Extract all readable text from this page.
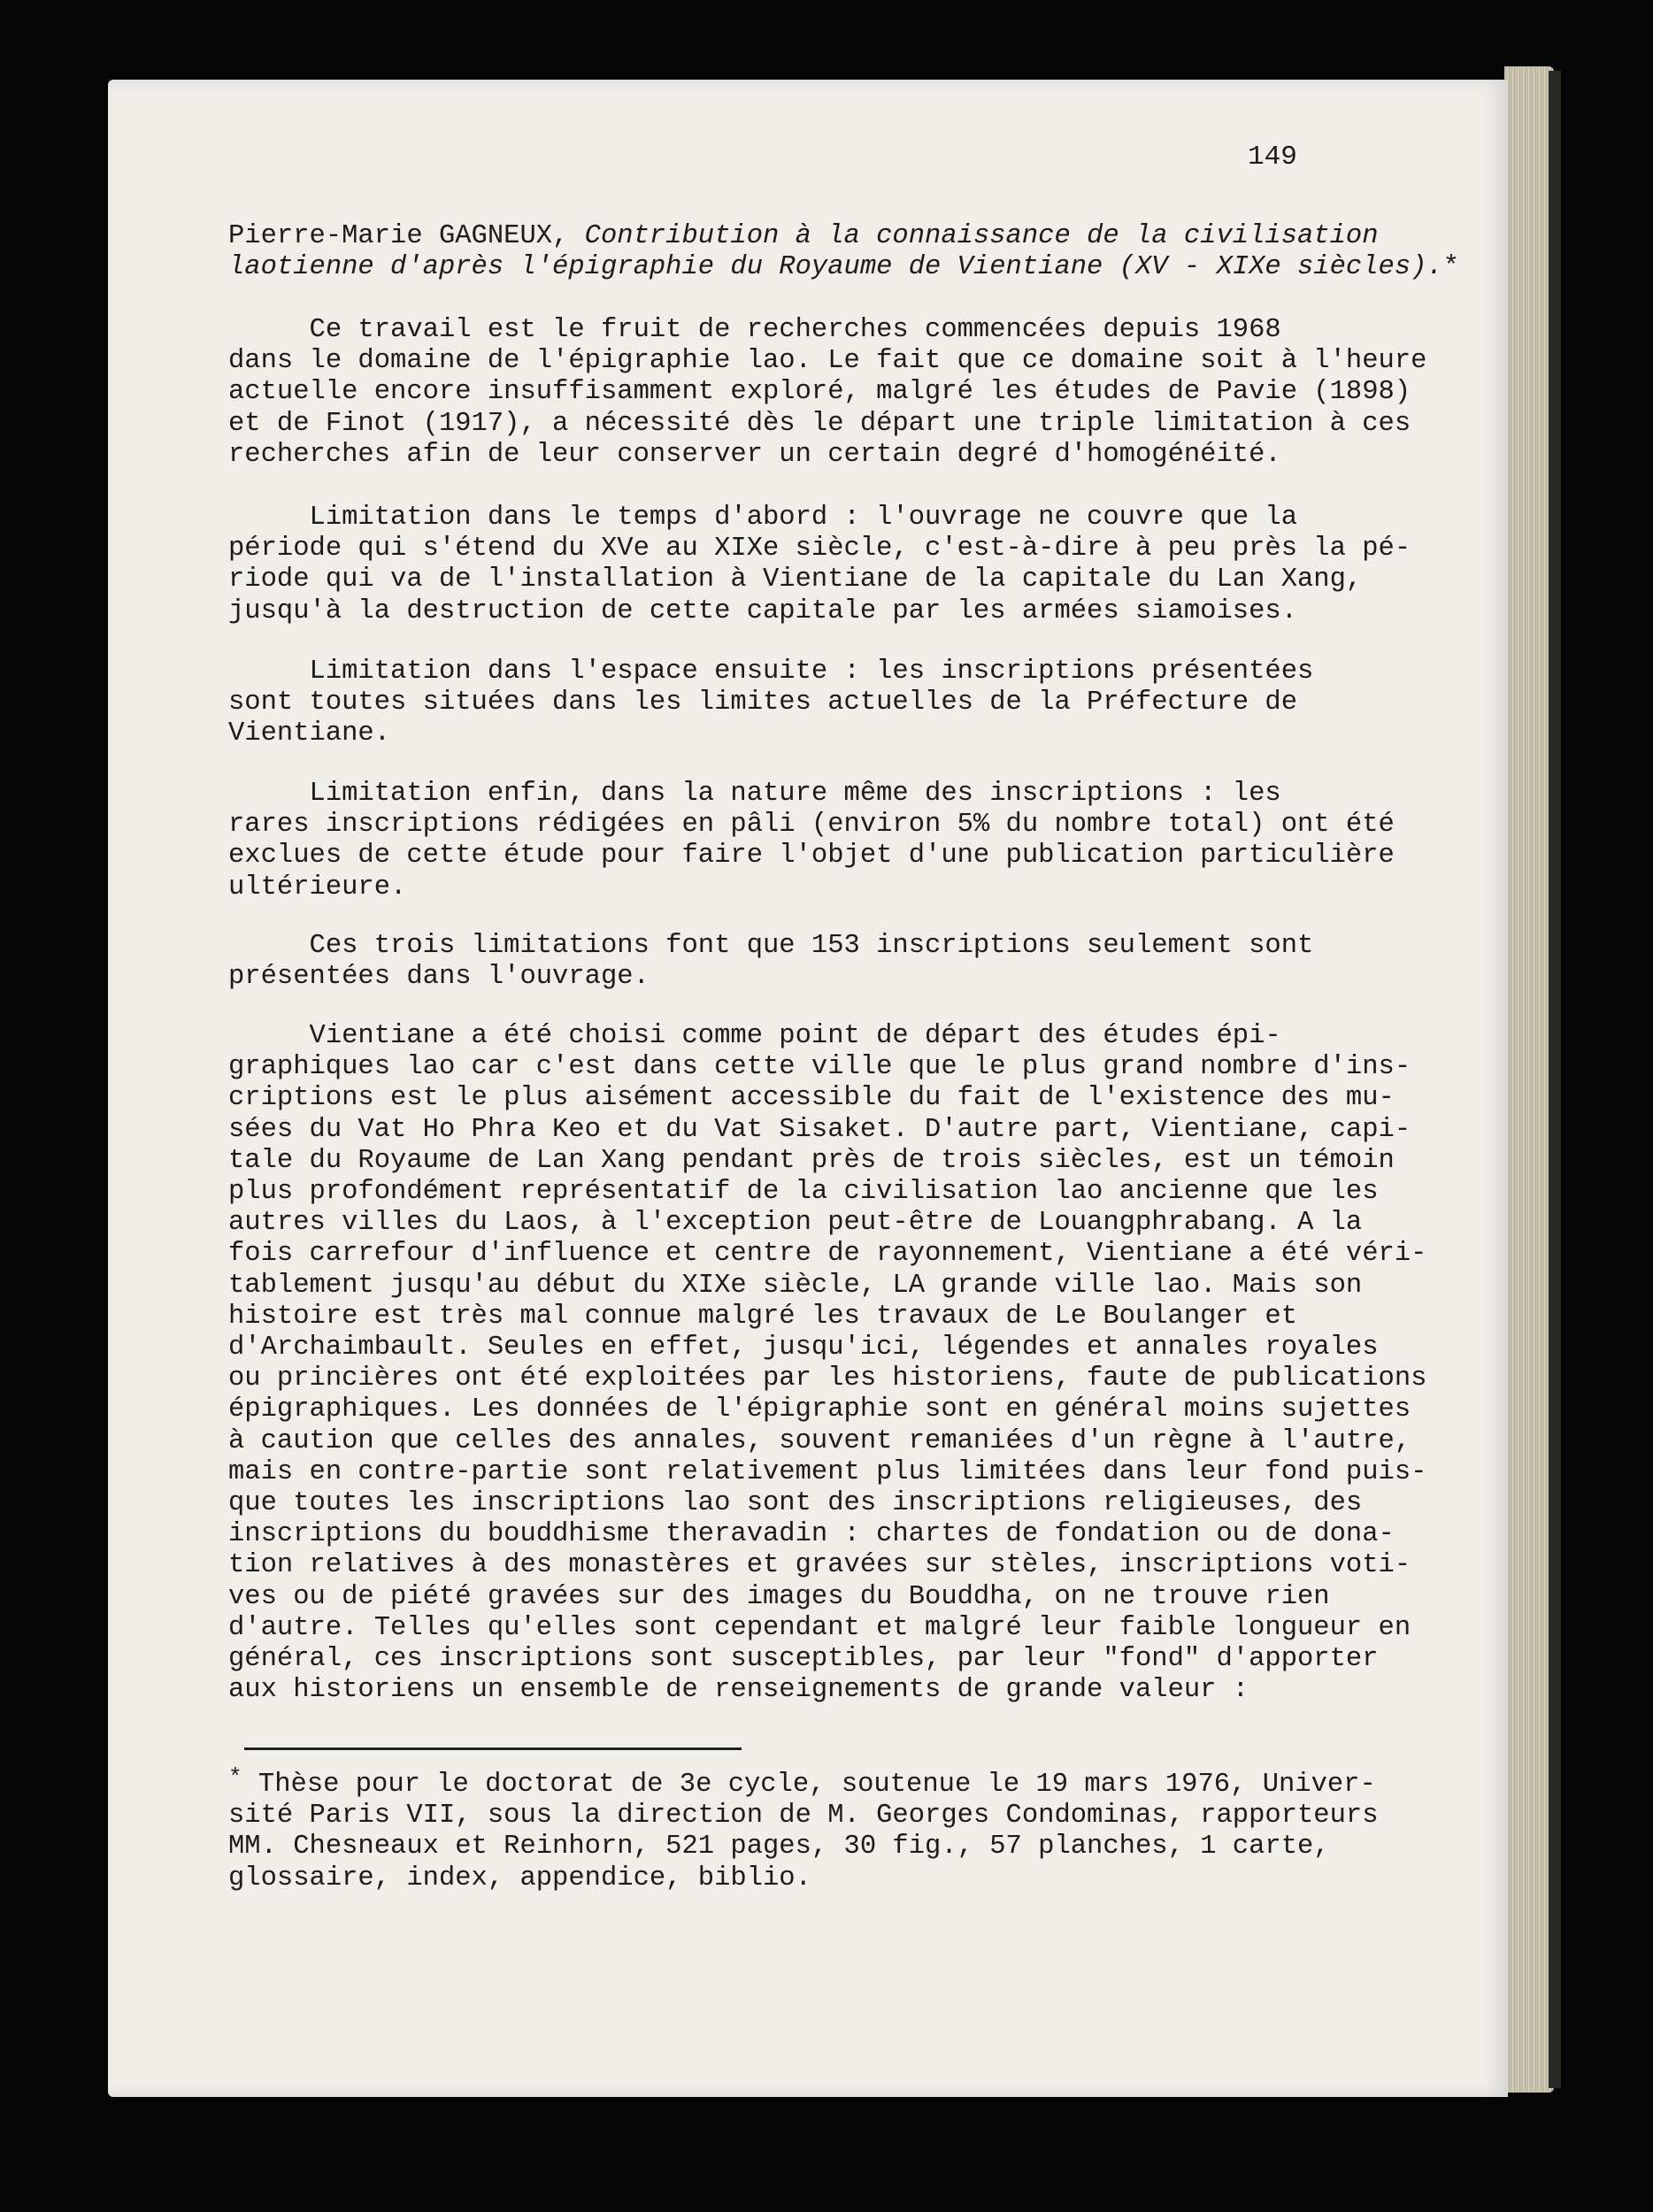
149
Pierre-Marie GAGNEUX, Contribution à la connaissance de la civilisation
laotienne d'après l'épigraphie du Royaume de Vientiane (XV - XIXe siècles).*
Ce travail est le fruit de recherches commencées depuis 1968
dans le domaine de l'épigraphie lao. Le fait que ce domaine soit à l'heure
actuelle encore insuffisamment exploré, malgré les études de Pavie (1898)
et de Finot (1917), a nécessité dès le départ une triple limitation à ces
recherches afin de leur conserver un certain degré d'homogénéité.
Limitation dans le temps d'abord : l'ouvrage ne couvre que la
période qui s'étend du XVe au XIXe siècle, c'est-à-dire à peu près la pé-
riode qui va de l'installation à Vientiane de la capitale du Lan Xang,
jusqu'à la destruction de cette capitale par les armées siamoises.
Limitation dans l'espace ensuite : les inscriptions présentées
sont toutes situées dans les limites actuelles de la Préfecture de
Vientiane.
Limitation enfin, dans la nature même des inscriptions : les
rares inscriptions rédigées en pâli (environ 5% du nombre total) ont été
exclues de cette étude pour faire l'objet d'une publication particulière
ultérieure.
Ces trois limitations font que 153 inscriptions seulement sont
présentées dans l'ouvrage.
Vientiane a été choisi comme point de départ des études épi-
graphiques lao car c'est dans cette ville que le plus grand nombre d'ins-
criptions est le plus aisément accessible du fait de l'existence des mu-
sées du Vat Ho Phra Keo et du Vat Sisaket. D'autre part, Vientiane, capi-
tale du Royaume de Lan Xang pendant près de trois siècles, est un témoin
plus profondément représentatif de la civilisation lao ancienne que les
autres villes du Laos, à l'exception peut-être de Louangphrabang. A la
fois carrefour d'influence et centre de rayonnement, Vientiane a été véri-
tablement jusqu'au début du XIXe siècle, LA grande ville lao. Mais son
histoire est très mal connue malgré les travaux de Le Boulanger et
d'Archaimbault. Seules en effet, jusqu'ici, légendes et annales royales
ou princières ont été exploitées par les historiens, faute de publications
épigraphiques. Les données de l'épigraphie sont en général moins sujettes
à caution que celles des annales, souvent remaniées d'un règne à l'autre,
mais en contre-partie sont relativement plus limitées dans leur fond puis-
que toutes les inscriptions lao sont des inscriptions religieuses, des
inscriptions du bouddhisme theravadin : chartes de fondation ou de dona-
tion relatives à des monastères et gravées sur stèles, inscriptions voti-
ves ou de piété gravées sur des images du Bouddha, on ne trouve rien
d'autre. Telles qu'elles sont cependant et malgré leur faible longueur en
général, ces inscriptions sont susceptibles, par leur "fond" d'apporter
aux historiens un ensemble de renseignements de grande valeur :
* Thèse pour le doctorat de 3e cycle, soutenue le 19 mars 1976, Univer-
sité Paris VII, sous la direction de M. Georges Condominas, rapporteurs
MM. Chesneaux et Reinhorn, 521 pages, 30 fig., 57 planches, 1 carte,
glossaire, index, appendice, biblio.
